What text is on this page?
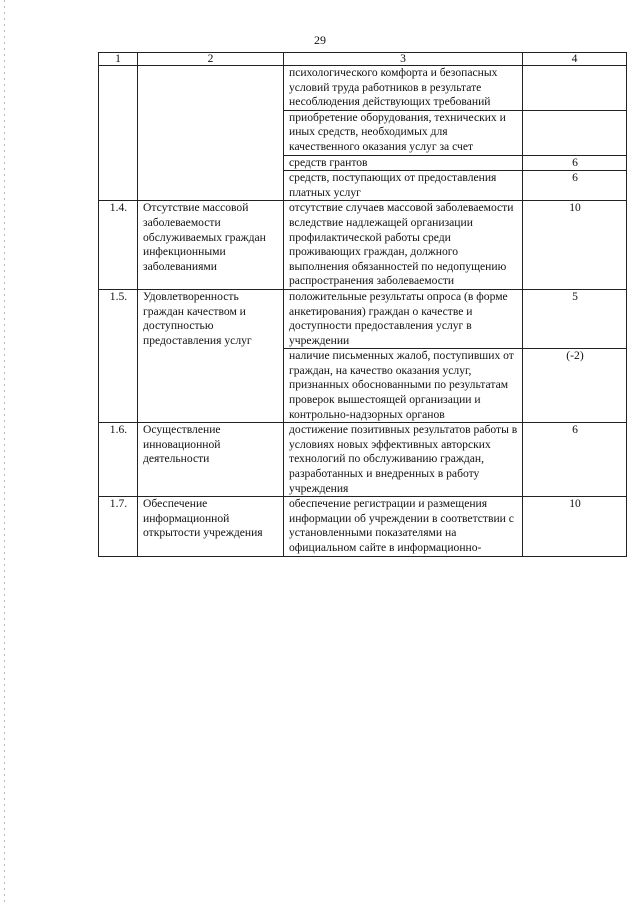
29
1	2	3	4
		психологического комфорта и безопасных условий труда работников в результате несоблюдения действующих требований	
		приобретение оборудования, технических и иных средств, необходимых для качественного оказания услуг за счет	
		средств грантов	6
		средств, поступающих от предоставления платных услуг	6
1.4.	Отсутствие массовой заболеваемости обслуживаемых граждан инфекционными заболеваниями	отсутствие случаев массовой заболеваемости вследствие надлежащей организации профилактической работы среди проживающих граждан, должного выполнения обязанностей по недопущению распространения заболеваемости	10
1.5.	Удовлетворенность граждан качеством и доступностью предоставления услуг	положительные результаты опроса (в форме анкетирования) граждан о качестве и доступности предоставления услуг в учреждении	5
		наличие письменных жалоб, поступивших от граждан, на качество оказания услуг, признанных обоснованными по результатам проверок вышестоящей организации и контрольно-надзорных органов	(-2)
1.6.	Осуществление инновационной деятельности	достижение позитивных результатов работы в условиях новых эффективных авторских технологий по обслуживанию граждан, разработанных и внедренных в работу учреждения	6
1.7.	Обеспечение информационной открытости учреждения	обеспечение регистрации и размещения информации об учреждении в соответствии с установленными показателями на официальном сайте в информационно-	10
